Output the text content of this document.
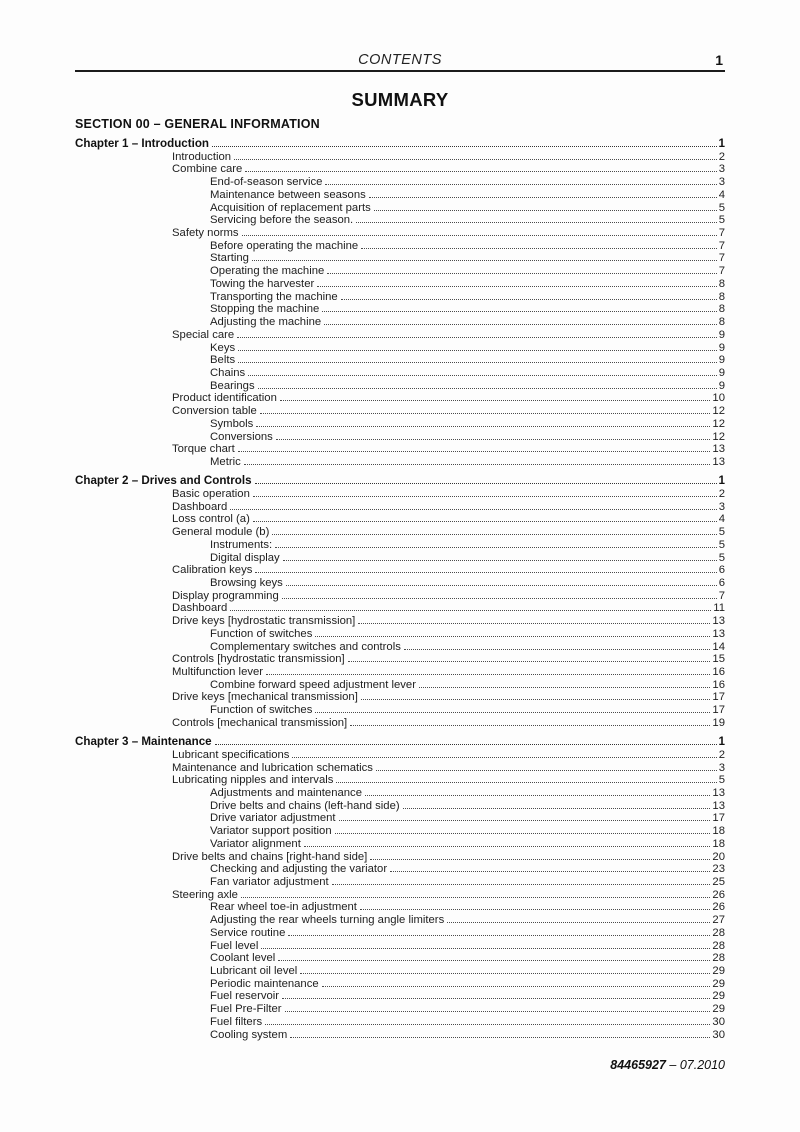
CONTENTS	1
SUMMARY
SECTION 00 – GENERAL INFORMATION
Chapter 1 – Introduction	1
Introduction	2
Combine care	3
End-of-season service	3
Maintenance between seasons	4
Acquisition of replacement parts	5
Servicing before the season.	5
Safety norms	7
Before operating the machine	7
Starting	7
Operating the machine	7
Towing the harvester	8
Transporting the machine	8
Stopping the machine	8
Adjusting the machine	8
Special care	9
Keys	9
Belts	9
Chains	9
Bearings	9
Product identification	10
Conversion table	12
Symbols	12
Conversions	12
Torque chart	13
Metric	13
Chapter 2 – Drives and Controls	1
Basic operation	2
Dashboard	3
Loss control (a)	4
General module (b)	5
Instruments:	5
Digital display	5
Calibration keys	6
Browsing keys	6
Display programming	7
Dashboard	11
Drive keys [hydrostatic transmission]	13
Function of switches	13
Complementary switches and controls	14
Controls [hydrostatic transmission]	15
Multifunction lever	16
Combine forward speed adjustment lever	16
Drive keys [mechanical transmission]	17
Function of switches	17
Controls [mechanical transmission]	19
Chapter 3 – Maintenance	1
Lubricant specifications	2
Maintenance and lubrication schematics	3
Lubricating nipples and intervals	5
Adjustments and maintenance	13
Drive belts and chains (left-hand side)	13
Drive variator adjustment	17
Variator support position	18
Variator alignment	18
Drive belts and chains [right-hand side]	20
Checking and adjusting the variator	23
Fan variator adjustment	25
Steering axle	26
Rear wheel toe-in adjustment	26
Adjusting the rear wheels turning angle limiters	27
Service routine	28
Fuel level	28
Coolant level	28
Lubricant oil level	29
Periodic maintenance	29
Fuel reservoir	29
Fuel Pre-Filter	29
Fuel filters	30
Cooling system	30
84465927 – 07.2010
